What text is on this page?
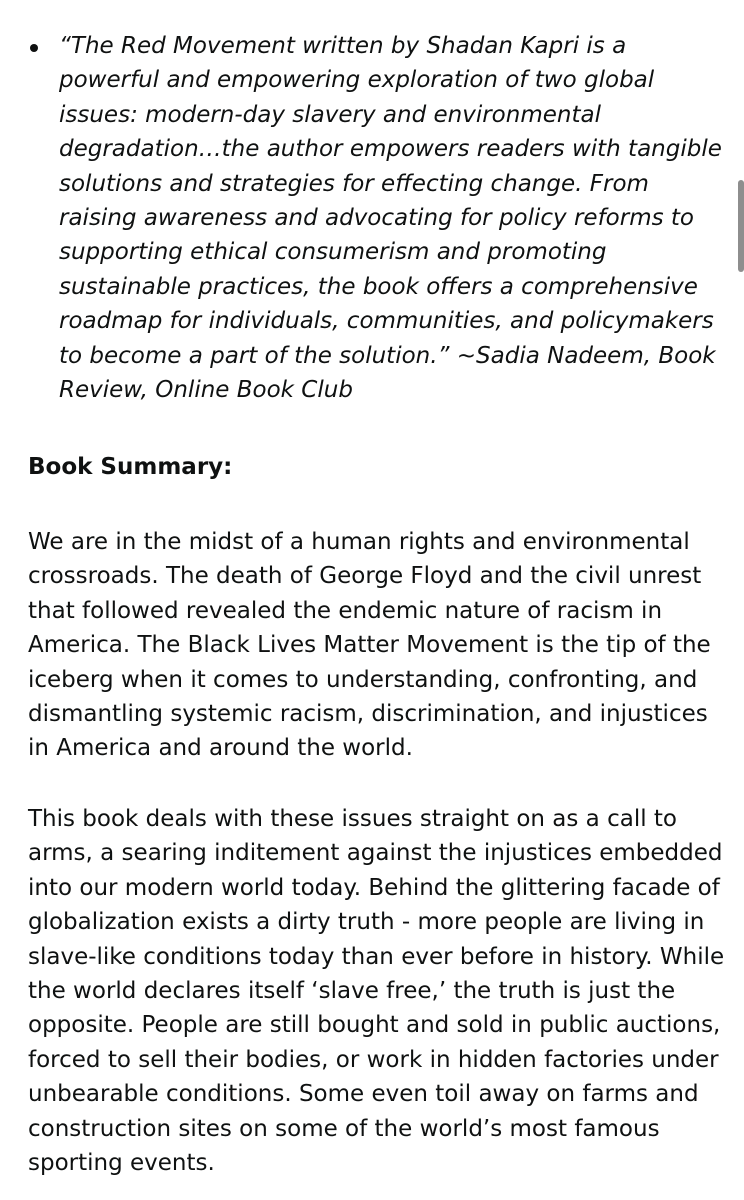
“The Red Movement written by Shadan Kapri is a powerful and empowering exploration of two global issues: modern-day slavery and environmental degradation…the author empowers readers with tangible solutions and strategies for effecting change. From raising awareness and advocating for policy reforms to supporting ethical consumerism and promoting sustainable practices, the book offers a comprehensive roadmap for individuals, communities, and policymakers to become a part of the solution.” ~Sadia Nadeem, Book Review, Online Book Club

Book Summary:

We are in the midst of a human rights and environmental crossroads. The death of George Floyd and the civil unrest that followed revealed the endemic nature of racism in America. The Black Lives Matter Movement is the tip of the iceberg when it comes to understanding, confronting, and dismantling systemic racism, discrimination, and injustices in America and around the world.

This book deals with these issues straight on as a call to arms, a searing inditement against the injustices embedded into our modern world today. Behind the glittering facade of globalization exists a dirty truth - more people are living in slave-like conditions today than ever before in history. While the world declares itself ‘slave free,’ the truth is just the opposite. People are still bought and sold in public auctions, forced to sell their bodies, or work in hidden factories under unbearable conditions. Some even toil away on farms and construction sites on some of the world’s most famous sporting events.
